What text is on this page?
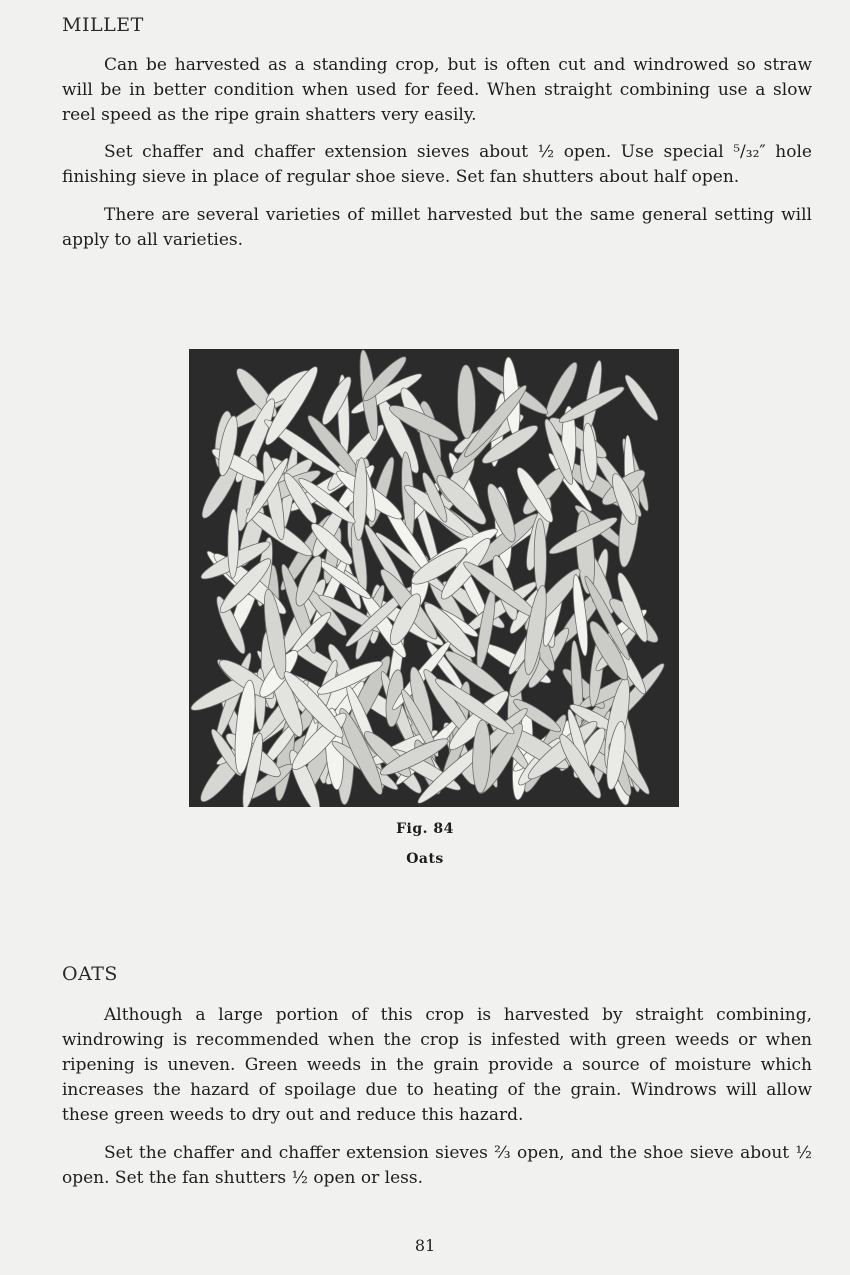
MILLET

Can be harvested as a standing crop, but is often cut and windrowed so straw will be in better condition when used for feed. When straight combining use a slow reel speed as the ripe grain shatters very easily.

Set chaffer and chaffer extension sieves about ½ open. Use special ⁵/₃₂″ hole finishing sieve in place of regular shoe sieve. Set fan shutters about half open.

There are several varieties of millet harvested but the same general setting will apply to all varieties.

Fig. 84

Oats

OATS

Although a large portion of this crop is harvested by straight combining, windrowing is recommended when the crop is infested with green weeds or when ripening is uneven. Green weeds in the grain provide a source of moisture which increases the hazard of spoilage due to heating of the grain. Windrows will allow these green weeds to dry out and reduce this hazard.

Set the chaffer and chaffer extension sieves ⅔ open, and the shoe sieve about ½ open. Set the fan shutters ½ open or less.

81
